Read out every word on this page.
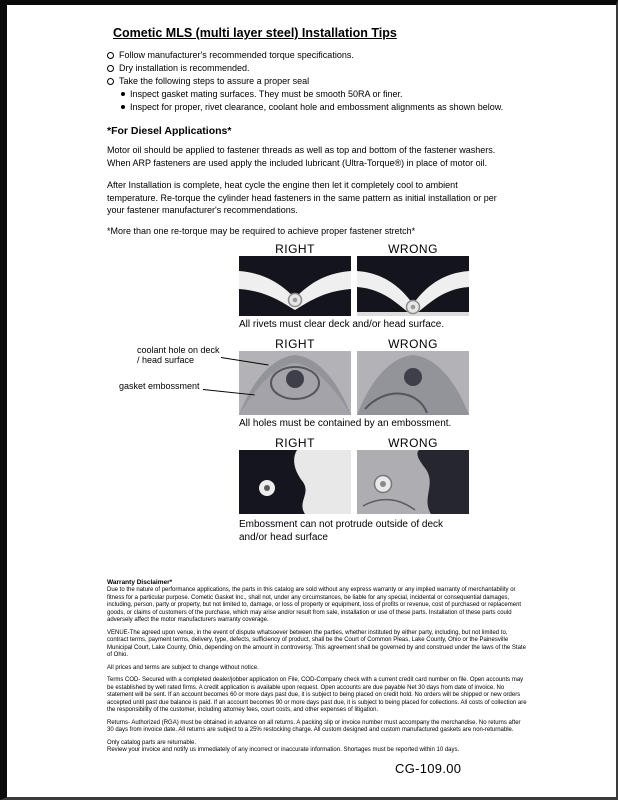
Cometic MLS (multi layer steel) Installation Tips
Follow manufacturer's recommended torque specifications.
Dry installation is recommended.
Take the following steps to assure a proper seal
Inspect gasket mating surfaces. They must be smooth 50RA or finer.
Inspect for proper, rivet clearance, coolant hole and embossment alignments as shown below.
*For Diesel Applications*
Motor oil should be applied to fastener threads as well as top and bottom of the fastener washers. When ARP fasteners are used apply the included lubricant (Ultra-Torque®) in place of motor oil.
After Installation is complete, heat cycle the engine then let it completely cool to ambient temperature. Re-torque the cylinder head fasteners in the same pattern as initial installation or per your fastener manufacturer's recommendations.
*More than one re-torque may be required to achieve proper fastener stretch*
RIGHT	WRONG
All rivets must clear deck and/or head surface.
RIGHT	WRONG
All holes must be contained by an embossment.
RIGHT	WRONG
Embossment can not protrude outside of deck and/or head surface
coolant hole on deck / head surface
gasket embossment
Warranty Disclaimer*
Due to the nature of performance applications, the parts in this catalog are sold without any express warranty or any implied warranty of merchantability or fitness for a particular purpose. Cometic Gasket Inc., shall not, under any circumstances, be liable for any special, incidental or consequential damages, including, person, party or property, but not limited to, damage, or loss of property or equipment, loss of profits or revenue, cost of purchased or replacement goods, or claims of customers of the purchase, which may arise and/or result from sale, installation or use of these parts. Installation of these parts could adversely affect the motor manufacturers warranty coverage.
VENUE-The agreed upon venue, in the event of dispute whatsoever between the parties, whether instituted by either party, including, but not limited to, contract terms, payment terms, delivery, type, defects, sufficiency of product, shall be the Court of Common Pleas, Lake County, Ohio or the Painesville Municipal Court, Lake County, Ohio, depending on the amount in controversy. This agreement shall be governed by and construed under the laws of the State of Ohio.
All prices and terms are subject to change without notice.
Terms COD- Secured with a completed dealer/jobber application on File, COD-Company check with a current credit card number on file. Open accounts may be established by well rated firms. A credit application is available upon request. Open accounts are due payable Net 30 days from date of invoice. No statement will be sent. If an account becomes 60 or more days past due, it is subject to being placed on credit hold. No orders will be shipped or new orders accepted until past due balance is paid. If an account becomes 90 or more days past due, it is subject to being placed for collections. All costs of collection are the responsibility of the customer, including attorney fees, court costs, and other expenses of litigation.
Returns- Authorized (RGA) must be obtained in advance on all returns. A packing slip or invoice number must accompany the merchandise. No returns after 30 days from invoice date. All returns are subject to a 25% restocking charge. All custom designed and custom manufactured gaskets are non-returnable.
Only catalog parts are returnable.
Review your invoice and notify us immediately of any incorrect or inaccurate information. Shortages must be reported within 10 days.
CG-109.00
